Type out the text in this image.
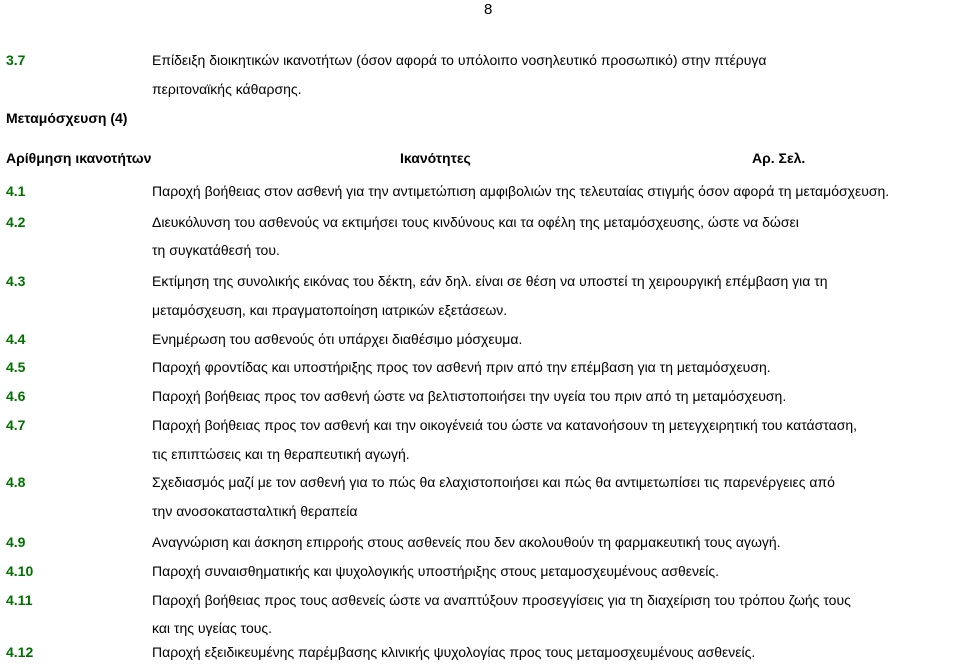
8
3.7	Επίδειξη διοικητικών ικανοτήτων (όσον αφορά το υπόλοιπο νοσηλευτικό προσωπικό) στην πτέρυγα
περιτοναϊκής κάθαρσης.
Μεταμόσχευση (4)
Αρίθμηση ικανοτήτων	Ικανότητες	Αρ. Σελ.
4.1	Παροχή βοήθειας στον ασθενή για την αντιμετώπιση αμφιβολιών της τελευταίας στιγμής όσον αφορά τη μεταμόσχευση.
4.2	Διευκόλυνση του ασθενούς να εκτιμήσει τους κινδύνους και τα οφέλη της μεταμόσχευσης, ώστε να δώσει
τη συγκατάθεσή του.
4.3	Εκτίμηση της συνολικής εικόνας του δέκτη, εάν δηλ. είναι σε θέση να υποστεί τη χειρουργική επέμβαση για τη
μεταμόσχευση, και πραγματοποίηση ιατρικών εξετάσεων.
4.4	Ενημέρωση του ασθενούς ότι υπάρχει διαθέσιμο μόσχευμα.
4.5	Παροχή φροντίδας και υποστήριξης προς τον ασθενή πριν από την επέμβαση για τη μεταμόσχευση.
4.6	Παροχή βοήθειας προς τον ασθενή ώστε να βελτιστοποιήσει την υγεία του πριν από τη μεταμόσχευση.
4.7	Παροχή βοήθειας προς τον ασθενή και την οικογένειά του ώστε να κατανοήσουν τη μετεγχειρητική του κατάσταση,
τις επιπτώσεις και τη θεραπευτική αγωγή.
4.8	Σχεδιασμός μαζί με τον ασθενή για το πώς θα ελαχιστοποιήσει και πώς θα αντιμετωπίσει τις παρενέργειες από
την ανοσοκατασταλτική θεραπεία
4.9	Αναγνώριση και άσκηση επιρροής στους ασθενείς που δεν ακολουθούν τη φαρμακευτική τους αγωγή.
4.10	Παροχή συναισθηματικής και ψυχολογικής υποστήριξης στους μεταμοσχευμένους ασθενείς.
4.11	Παροχή βοήθειας προς τους ασθενείς ώστε να αναπτύξουν προσεγγίσεις για τη διαχείριση του τρόπου ζωής τους
και της υγείας τους.
4.12	Παροχή εξειδικευμένης παρέμβασης κλινικής ψυχολογίας προς τους μεταμοσχευμένους ασθενείς.
